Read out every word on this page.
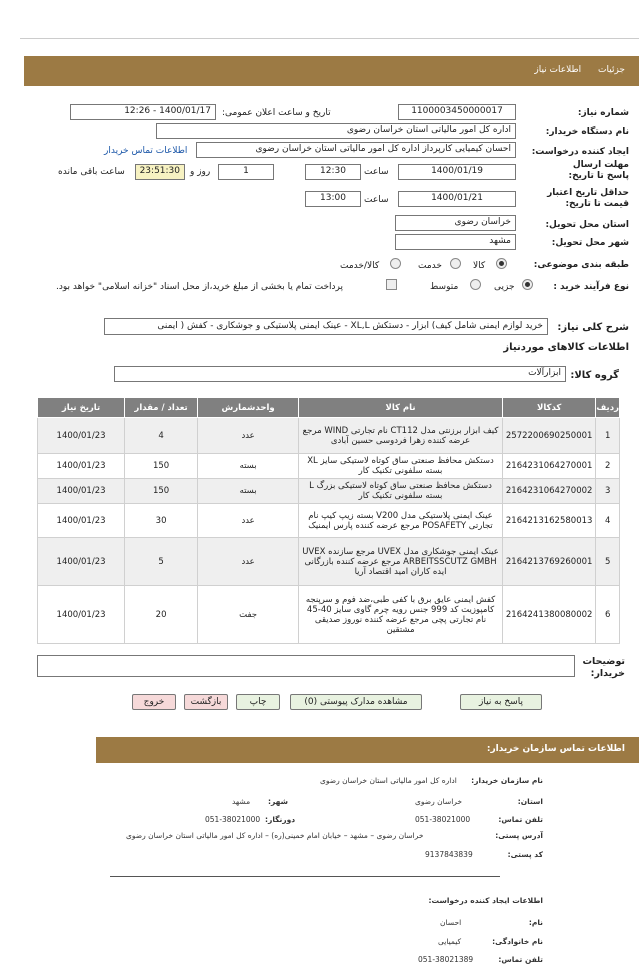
جزئیات اطلاعات نیاز
شماره نیاز:
1100003450000017
تاریخ و ساعت اعلان عمومی:
1400/01/17 - 12:26
نام دستگاه خریدار:
اداره کل امور مالیاتی استان خراسان رضوی
ایجاد کننده درخواست:
احسان کیمیایی کارپرداز اداره کل امور مالیاتی استان خراسان رضوی
اطلاعات تماس خریدار
مهلت ارسال پاسخ تا تاریخ:
1400/01/19
ساعت
12:30
1
روز و
23:51:30
ساعت باقی مانده
حداقل تاریخ اعتبار قیمت تا تاریخ:
1400/01/21
ساعت
13:00
استان محل تحویل:
خراسان رضوی
شهر محل تحویل:
مشهد
طبقه بندی موضوعی:
کالا
خدمت
کالا/خدمت
نوع فرآیند خرید :
جزیی
متوسط
پرداخت تمام یا بخشی از مبلغ خرید،از محل اسناد "خزانه اسلامی" خواهد بود.
شرح کلی نیاز:
خرید لوازم ایمنی شامل کیف) ابزار - دستکش XL,L - عینک ایمنی پلاستیکی و جوشکاری - کفش ( ایمنی
اطلاعات کالاهای موردنیاز
گروه کالا:
ابزارآلات
ردیف	کدکالا	نام کالا	واحدشمارش	تعداد / مقدار	تاریخ نیاز
1	2572200690250001	کیف ابزار برزنتی مدل CT112 نام تجارتی WIND مرجع عرضه کننده زهرا فردوسی حسین آبادی	عدد	4	1400/01/23
2	2164231064270001	دستکش محافظ صنعتی ساق کوتاه لاستیکی سایز XL بسته سلفونی تکنیک کار	بسته	150	1400/01/23
3	2164231064270002	دستکش محافظ صنعتی ساق کوتاه لاستیکی بزرگ L بسته سلفونی تکنیک کار	بسته	150	1400/01/23
4	2164213162580013	عینک ایمنی پلاستیکی مدل V200 بسته زیپ کیپ نام تجارتی POSAFETY مرجع عرضه کننده پارس ایمنیک	عدد	30	1400/01/23
5	2164213769260001	عینک ایمنی جوشکاری مدل UVEX مرجع سازنده UVEX ARBEITSSCUTZ GMBH مرجع عرضه کننده بازرگانی ایده کاران امید اقتصاد آریا	عدد	5	1400/01/23
6	2164241380080002	کفش ایمنی عایق برق با کفی طبی،ضد فوم و سرپنجه کامپوزیت کد 999 جنس رویه چرم گاوی سایز 40-45 نام تجارتی پچی مرجع عرضه کننده نوروز صدیقی مشتقین	جفت	20	1400/01/23
توضیحات خریدار:
پاسخ به نیاز
مشاهده مدارک پیوستی (0)
چاپ
بازگشت
خروج
اطلاعات تماس سازمان خریدار:
نام سازمان خریدار:
اداره کل امور مالیاتی استان خراسان رضوی
استان:
خراسان رضوی
شهر:
مشهد
تلفن تماس:
051-38021000
دورنگار:
051-38021000
آدرس پستی:
خراسان رضوی – مشهد – خیابان امام خمینی(ره) – اداره کل امور مالیاتی استان خراسان رضوی
کد پستی:
9137843839
اطلاعات ایجاد کننده درخواست:
نام:
احسان
نام خانوادگی:
کیمیایی
تلفن تماس:
051-38021389
